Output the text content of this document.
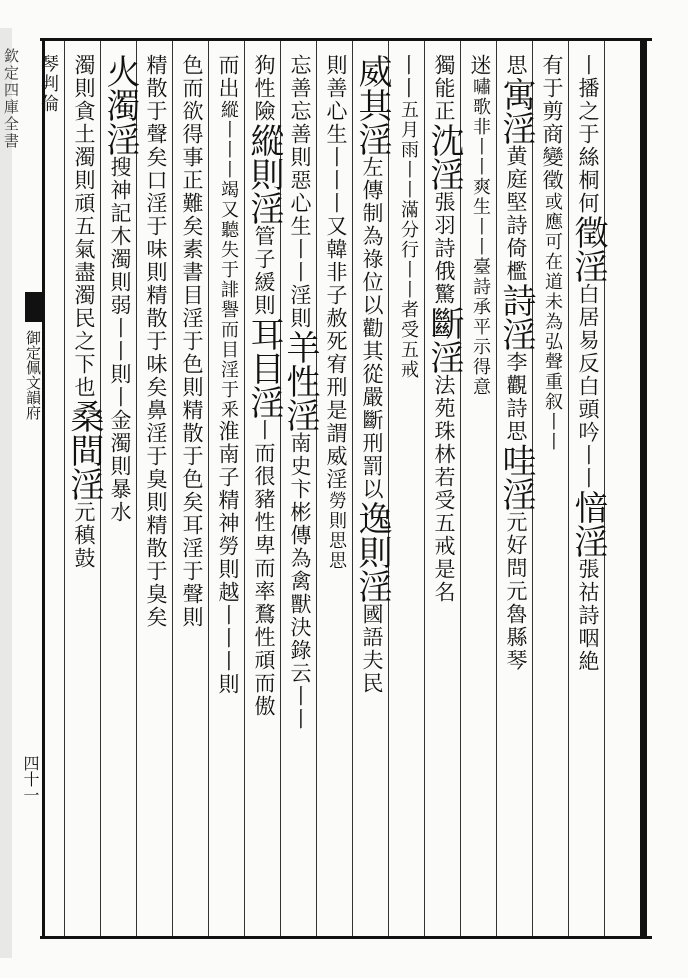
欽定四庫全書
御定佩文韻府
四十一
丨播之于絲桐何徵淫白居易反白頭吟丨丨愔淫張祜詩咽絶
有于剪商變徵或應可在道未為弘聲重叙丨丨
思寓淫黄庭堅詩倚檻詩淫李觀詩思哇淫元好問元魯縣琴
迷嘯歌非丨丨爽生丨丨臺詩承平示得意
獨能正沈淫張羽詩俄驚斷淫法苑珠林若受五戒是名
丨丨五月雨丨丨滿分行丨丨者受五戒
威其淫左傳制為祿位以勸其從嚴斷刑罰以逸則淫國語夫民
則善心生丨丨丨又韓非子赦死宥刑是謂威淫勞則思思
忘善忘善則惡心生丨丨淫則羊性淫南史卞彬傳為禽獸決錄云丨丨
狗性險縱則淫管子緩則耳目淫丨而很豬性卑而率鶩性頑而傲
而出縱丨丨丨竭又聽失于誹譽而目淫于釆淮南子精神勞則越丨丨丨則
色而欲得事正難矣素書目淫于色則精散于色矣耳淫于聲則
精散于聲矣口淫于味則精散于味矣鼻淫于臭則精散于臭矣
火濁淫搜神記木濁則弱丨丨則丨金濁則暴水
濁則貪土濁則頑五氣盡濁民之下也桑間淫元稹鼓
琴判倫
